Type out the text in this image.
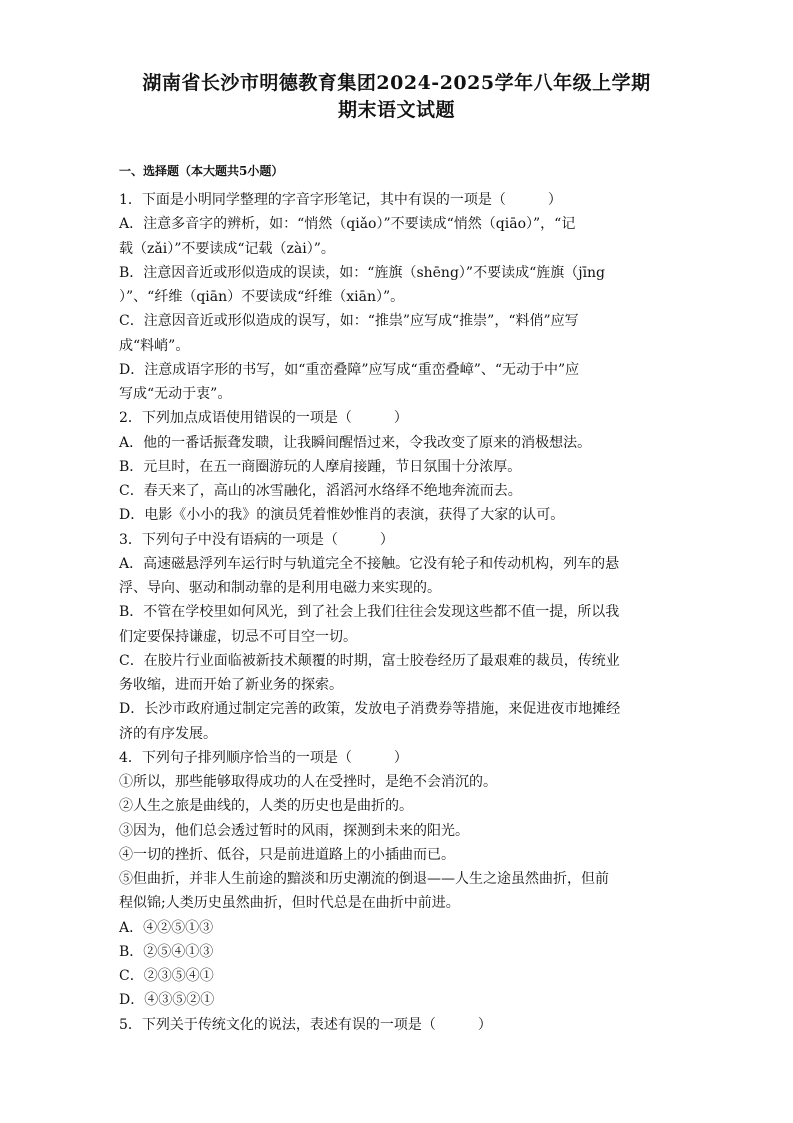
湖南省长沙市明德教育集团2024-2025学年八年级上学期
期末语文试题
一、选择题（本大题共5小题）
1．下面是小明同学整理的字音字形笔记，其中有误的一项是（　　　）
A．注意多音字的辨析，如：“悄然（qiǎo）”不要读成“悄然（qiāo）”，“记
载（zǎi）”不要读成“记载（zài）”。
B．注意因音近或形似造成的误读，如：“旌旗（shēng）”不要读成“旌旗（jīng
）”、“纤维（qiān）不要读成“纤维（xiān）”。
C．注意因音近或形似造成的误写，如：“推祟”应写成“推崇”，“料俏”应写
成“料峭”。
D．注意成语字形的书写，如“重峦叠障”应写成“重峦叠嶂”、“无动于中”应
写成“无动于衷”。
2．下列加点成语使用错误的一项是（　　　）
A．他的一番话振聋发聩，让我瞬间醒悟过来，令我改变了原来的消极想法。
B．元旦时，在五一商圈游玩的人摩肩接踵，节日氛围十分浓厚。
C．春天来了，高山的冰雪融化，滔滔河水络绎不绝地奔流而去。
D．电影《小小的我》的演员凭着惟妙惟肖的表演，获得了大家的认可。
3．下列句子中没有语病的一项是（　　　）
A．高速磁悬浮列车运行时与轨道完全不接触。它没有轮子和传动机构，列车的悬
浮、导向、驱动和制动靠的是利用电磁力来实现的。
B．不管在学校里如何风光，到了社会上我们往往会发现这些都不值一提，所以我
们定要保持谦虚，切忌不可目空一切。
C．在胶片行业面临被新技术颠覆的时期，富士胶卷经历了最艰难的裁员，传统业
务收缩，进而开始了新业务的探索。
D．长沙市政府通过制定完善的政策，发放电子消费券等措施，来促进夜市地摊经
济的有序发展。
4．下列句子排列顺序恰当的一项是（　　　）
①所以，那些能够取得成功的人在受挫时，是绝不会消沉的。
②人生之旅是曲线的，人类的历史也是曲折的。
③因为，他们总会透过暂时的风雨，探测到未来的阳光。
④一切的挫折、低谷，只是前进道路上的小插曲而已。
⑤但曲折，并非人生前途的黯淡和历史潮流的倒退——人生之途虽然曲折，但前
程似锦;人类历史虽然曲折，但时代总是在曲折中前进。
A．④②⑤①③
B．②⑤④①③
C．②③⑤④①
D．④③⑤②①
5．下列关于传统文化的说法，表述有误的一项是（　　　）
